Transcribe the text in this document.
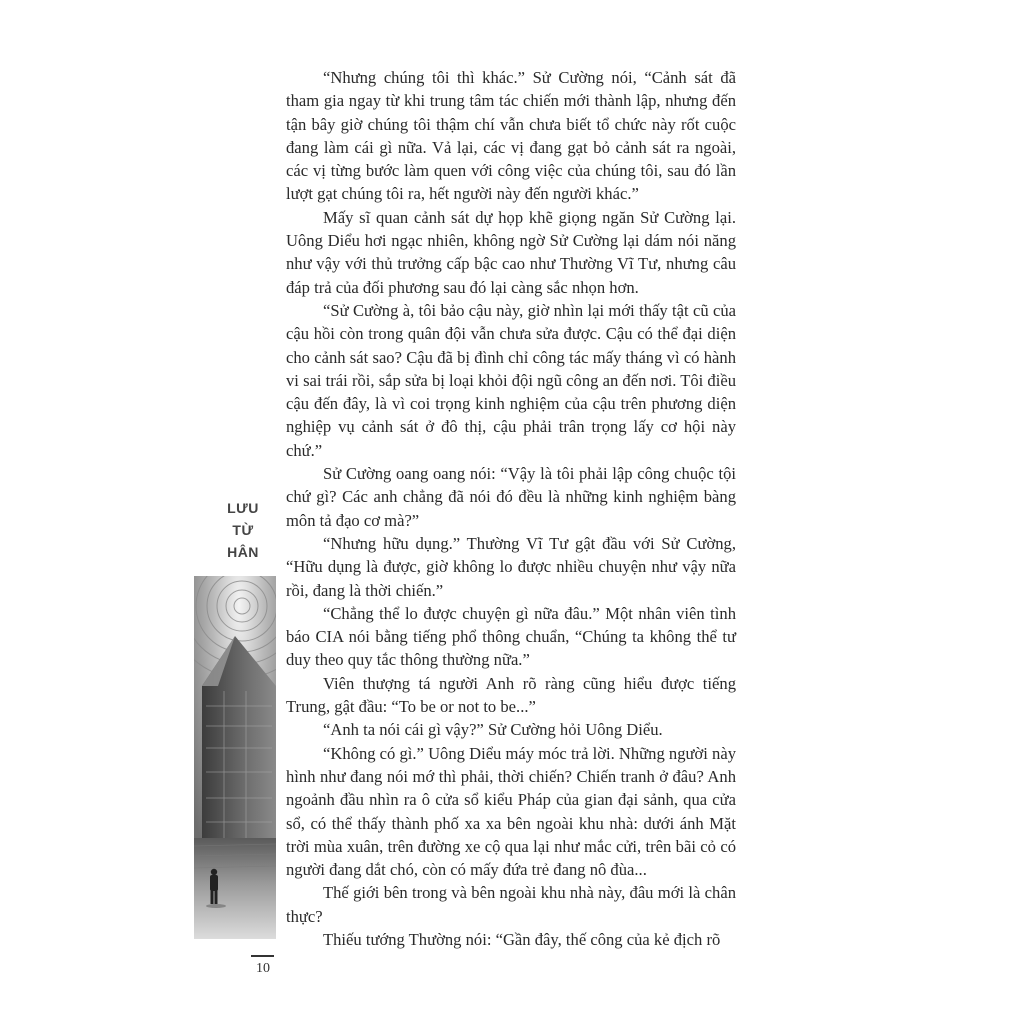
“Nhưng chúng tôi thì khác.” Sử Cường nói, “Cảnh sát đã tham gia ngay từ khi trung tâm tác chiến mới thành lập, nhưng đến tận bây giờ chúng tôi thậm chí vẫn chưa biết tổ chức này rốt cuộc đang làm cái gì nữa. Vả lại, các vị đang gạt bỏ cảnh sát ra ngoài, các vị từng bước làm quen với công việc của chúng tôi, sau đó lần lượt gạt chúng tôi ra, hết người này đến người khác.”

Mấy sĩ quan cảnh sát dự họp khẽ giọng ngăn Sử Cường lại. Uông Diểu hơi ngạc nhiên, không ngờ Sử Cường lại dám nói năng như vậy với thủ trưởng cấp bậc cao như Thường Vĩ Tư, nhưng câu đáp trả của đối phương sau đó lại càng sắc nhọn hơn.

“Sử Cường à, tôi bảo cậu này, giờ nhìn lại mới thấy tật cũ của cậu hồi còn trong quân đội vẫn chưa sửa được. Cậu có thể đại diện cho cảnh sát sao? Cậu đã bị đình chỉ công tác mấy tháng vì có hành vi sai trái rồi, sắp sửa bị loại khỏi đội ngũ công an đến nơi. Tôi điều cậu đến đây, là vì coi trọng kinh nghiệm của cậu trên phương diện nghiệp vụ cảnh sát ở đô thị, cậu phải trân trọng lấy cơ hội này chứ.”

Sử Cường oang oang nói: “Vậy là tôi phải lập công chuộc tội chứ gì? Các anh chẳng đã nói đó đều là những kinh nghiệm bàng môn tả đạo cơ mà?”

“Nhưng hữu dụng.” Thường Vĩ Tư gật đầu với Sử Cường, “Hữu dụng là được, giờ không lo được nhiều chuyện như vậy nữa rồi, đang là thời chiến.”

“Chẳng thể lo được chuyện gì nữa đâu.” Một nhân viên tình báo CIA nói bằng tiếng phổ thông chuẩn, “Chúng ta không thể tư duy theo quy tắc thông thường nữa.”

Viên thượng tá người Anh rõ ràng cũng hiểu được tiếng Trung, gật đầu: “To be or not to be...”

“Anh ta nói cái gì vậy?” Sử Cường hỏi Uông Diểu.

“Không có gì.” Uông Diểu máy móc trả lời. Những người này hình như đang nói mớ thì phải, thời chiến? Chiến tranh ở đâu? Anh ngoảnh đầu nhìn ra ô cửa sổ kiểu Pháp của gian đại sảnh, qua cửa sổ, có thể thấy thành phố xa xa bên ngoài khu nhà: dưới ánh Mặt trời mùa xuân, trên đường xe cộ qua lại như mắc cửi, trên bãi cỏ có người đang dắt chó, còn có mấy đứa trẻ đang nô đùa...

Thế giới bên trong và bên ngoài khu nhà này, đâu mới là chân thực?

Thiếu tướng Thường nói: “Gần đây, thế công của kẻ địch rõ

LƯU
TỪ
HÂN
10
